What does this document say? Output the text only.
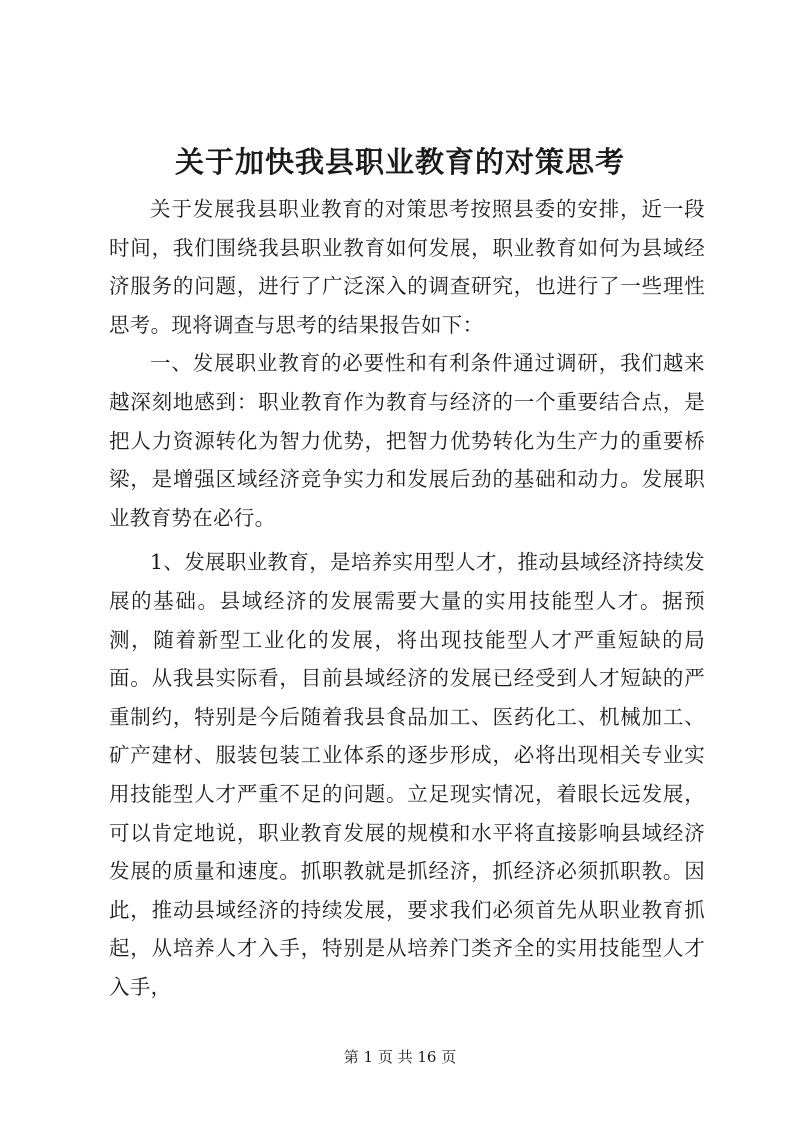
关于加快我县职业教育的对策思考

关于发展我县职业教育的对策思考按照县委的安排，近一段时间，我们围绕我县职业教育如何发展，职业教育如何为县域经济服务的问题，进行了广泛深入的调查研究，也进行了一些理性思考。现将调查与思考的结果报告如下：

一、发展职业教育的必要性和有利条件通过调研，我们越来越深刻地感到：职业教育作为教育与经济的一个重要结合点，是把人力资源转化为智力优势，把智力优势转化为生产力的重要桥梁，是增强区域经济竞争实力和发展后劲的基础和动力。发展职业教育势在必行。

1、发展职业教育，是培养实用型人才，推动县域经济持续发展的基础。县域经济的发展需要大量的实用技能型人才。据预测，随着新型工业化的发展，将出现技能型人才严重短缺的局面。从我县实际看，目前县域经济的发展已经受到人才短缺的严重制约，特别是今后随着我县食品加工、医药化工、机械加工、矿产建材、服装包装工业体系的逐步形成，必将出现相关专业实用技能型人才严重不足的问题。立足现实情况，着眼长远发展，可以肯定地说，职业教育发展的规模和水平将直接影响县域经济发展的质量和速度。抓职教就是抓经济，抓经济必须抓职教。因此，推动县域经济的持续发展，要求我们必须首先从职业教育抓起，从培养人才入手，特别是从培养门类齐全的实用技能型人才入手，

第 1 页 共 16 页
